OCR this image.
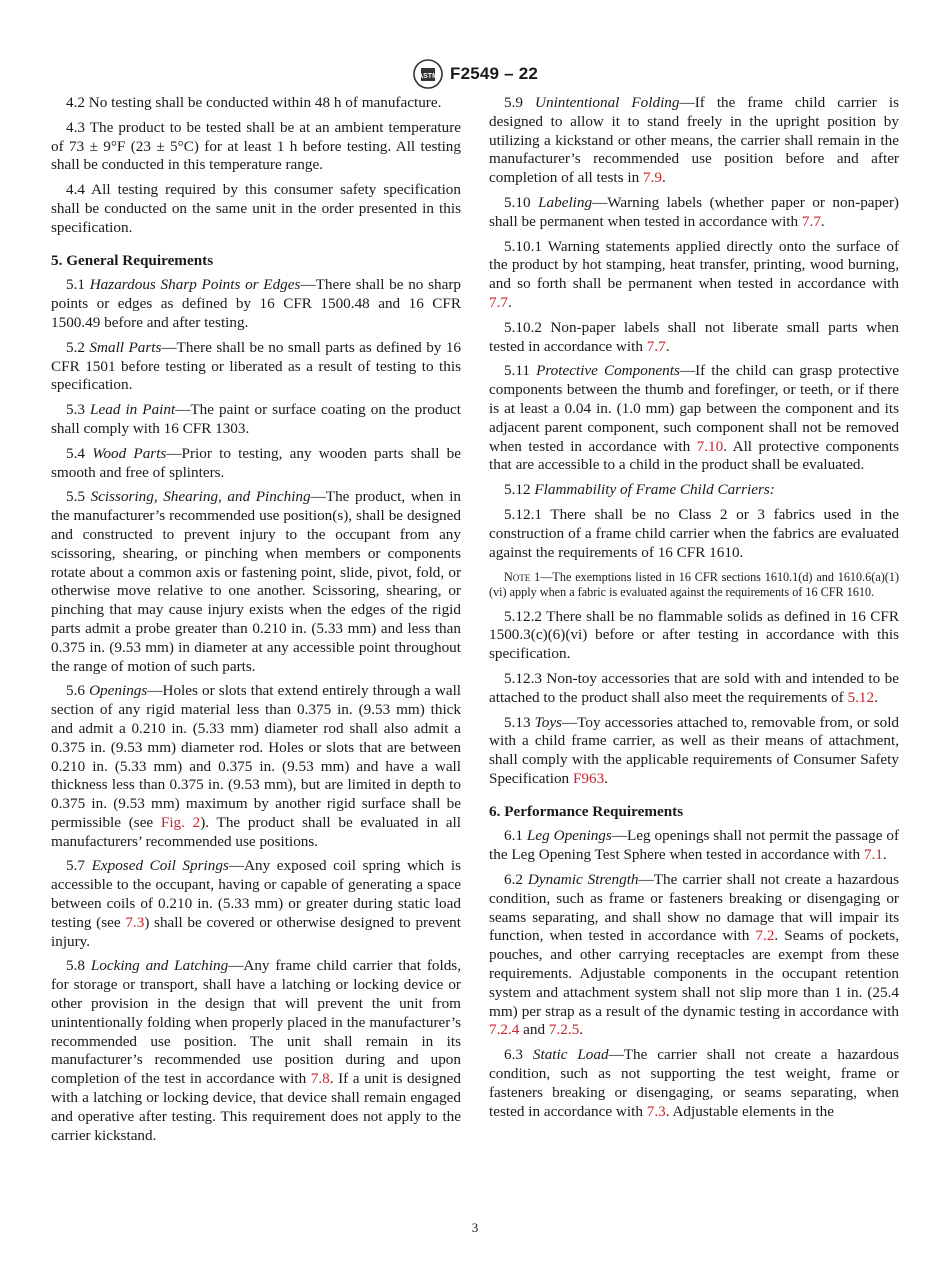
ASTM F2549 – 22

4.2 No testing shall be conducted within 48 h of manufacture.

4.3 The product to be tested shall be at an ambient temperature of 73 ± 9°F (23 ± 5°C) for at least 1 h before testing. All testing shall be conducted in this temperature range.

4.4 All testing required by this consumer safety specification shall be conducted on the same unit in the order presented in this specification.

5. General Requirements

5.1 Hazardous Sharp Points or Edges—There shall be no sharp points or edges as defined by 16 CFR 1500.48 and 16 CFR 1500.49 before and after testing.

5.2 Small Parts—There shall be no small parts as defined by 16 CFR 1501 before testing or liberated as a result of testing to this specification.

5.3 Lead in Paint—The paint or surface coating on the product shall comply with 16 CFR 1303.

5.4 Wood Parts—Prior to testing, any wooden parts shall be smooth and free of splinters.

5.5 Scissoring, Shearing, and Pinching—The product, when in the manufacturer’s recommended use position(s), shall be designed and constructed to prevent injury to the occupant from any scissoring, shearing, or pinching when members or components rotate about a common axis or fastening point, slide, pivot, fold, or otherwise move relative to one another. Scissoring, shearing, or pinching that may cause injury exists when the edges of the rigid parts admit a probe greater than 0.210 in. (5.33 mm) and less than 0.375 in. (9.53 mm) in diameter at any accessible point throughout the range of motion of such parts.

5.6 Openings—Holes or slots that extend entirely through a wall section of any rigid material less than 0.375 in. (9.53 mm) thick and admit a 0.210 in. (5.33 mm) diameter rod shall also admit a 0.375 in. (9.53 mm) diameter rod. Holes or slots that are between 0.210 in. (5.33 mm) and 0.375 in. (9.53 mm) and have a wall thickness less than 0.375 in. (9.53 mm), but are limited in depth to 0.375 in. (9.53 mm) maximum by another rigid surface shall be permissible (see Fig. 2). The product shall be evaluated in all manufacturers’ recommended use positions.

5.7 Exposed Coil Springs—Any exposed coil spring which is accessible to the occupant, having or capable of generating a space between coils of 0.210 in. (5.33 mm) or greater during static load testing (see 7.3) shall be covered or otherwise designed to prevent injury.

5.8 Locking and Latching—Any frame child carrier that folds, for storage or transport, shall have a latching or locking device or other provision in the design that will prevent the unit from unintentionally folding when properly placed in the manufacturer’s recommended use position. The unit shall remain in its manufacturer’s recommended use position during and upon completion of the test in accordance with 7.8. If a unit is designed with a latching or locking device, that device shall remain engaged and operative after testing. This requirement does not apply to the carrier kickstand.

5.9 Unintentional Folding—If the frame child carrier is designed to allow it to stand freely in the upright position by utilizing a kickstand or other means, the carrier shall remain in the manufacturer’s recommended use position before and after completion of all tests in 7.9.

5.10 Labeling—Warning labels (whether paper or non-paper) shall be permanent when tested in accordance with 7.7.

5.10.1 Warning statements applied directly onto the surface of the product by hot stamping, heat transfer, printing, wood burning, and so forth shall be permanent when tested in accordance with 7.7.

5.10.2 Non-paper labels shall not liberate small parts when tested in accordance with 7.7.

5.11 Protective Components—If the child can grasp protective components between the thumb and forefinger, or teeth, or if there is at least a 0.04 in. (1.0 mm) gap between the component and its adjacent parent component, such component shall not be removed when tested in accordance with 7.10. All protective components that are accessible to a child in the product shall be evaluated.

5.12 Flammability of Frame Child Carriers:

5.12.1 There shall be no Class 2 or 3 fabrics used in the construction of a frame child carrier when the fabrics are evaluated against the requirements of 16 CFR 1610.

Note 1—The exemptions listed in 16 CFR sections 1610.1(d) and 1610.6(a)(1)(vi) apply when a fabric is evaluated against the requirements of 16 CFR 1610.

5.12.2 There shall be no flammable solids as defined in 16 CFR 1500.3(c)(6)(vi) before or after testing in accordance with this specification.

5.12.3 Non-toy accessories that are sold with and intended to be attached to the product shall also meet the requirements of 5.12.

5.13 Toys—Toy accessories attached to, removable from, or sold with a child frame carrier, as well as their means of attachment, shall comply with the applicable requirements of Consumer Safety Specification F963.

6. Performance Requirements

6.1 Leg Openings—Leg openings shall not permit the passage of the Leg Opening Test Sphere when tested in accordance with 7.1.

6.2 Dynamic Strength—The carrier shall not create a hazardous condition, such as frame or fasteners breaking or disengaging or seams separating, and shall show no damage that will impair its function, when tested in accordance with 7.2. Seams of pockets, pouches, and other carrying receptacles are exempt from these requirements. Adjustable components in the occupant retention system and attachment system shall not slip more than 1 in. (25.4 mm) per strap as a result of the dynamic testing in accordance with 7.2.4 and 7.2.5.

6.3 Static Load—The carrier shall not create a hazardous condition, such as not supporting the test weight, frame or fasteners breaking or disengaging, or seams separating, when tested in accordance with 7.3. Adjustable elements in the

3
